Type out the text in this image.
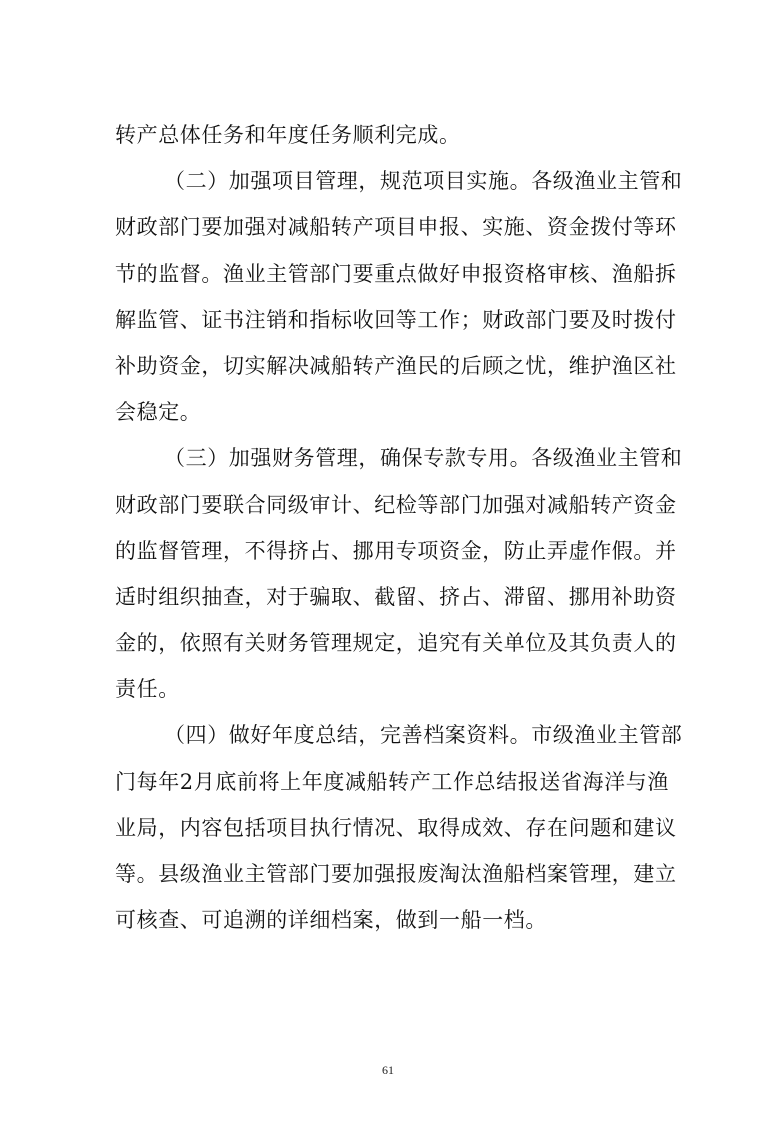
转产总体任务和年度任务顺利完成。
（二）加强项目管理，规范项目实施。各级渔业主管和
财政部门要加强对减船转产项目申报、实施、资金拨付等环
节的监督。渔业主管部门要重点做好申报资格审核、渔船拆
解监管、证书注销和指标收回等工作；财政部门要及时拨付
补助资金，切实解决减船转产渔民的后顾之忧，维护渔区社
会稳定。
（三）加强财务管理，确保专款专用。各级渔业主管和
财政部门要联合同级审计、纪检等部门加强对减船转产资金
的监督管理，不得挤占、挪用专项资金，防止弄虚作假。并
适时组织抽查，对于骗取、截留、挤占、滞留、挪用补助资
金的，依照有关财务管理规定，追究有关单位及其负责人的
责任。
（四）做好年度总结，完善档案资料。市级渔业主管部
门每年2月底前将上年度减船转产工作总结报送省海洋与渔
业局，内容包括项目执行情况、取得成效、存在问题和建议
等。县级渔业主管部门要加强报废淘汰渔船档案管理，建立
可核查、可追溯的详细档案，做到一船一档。
61
